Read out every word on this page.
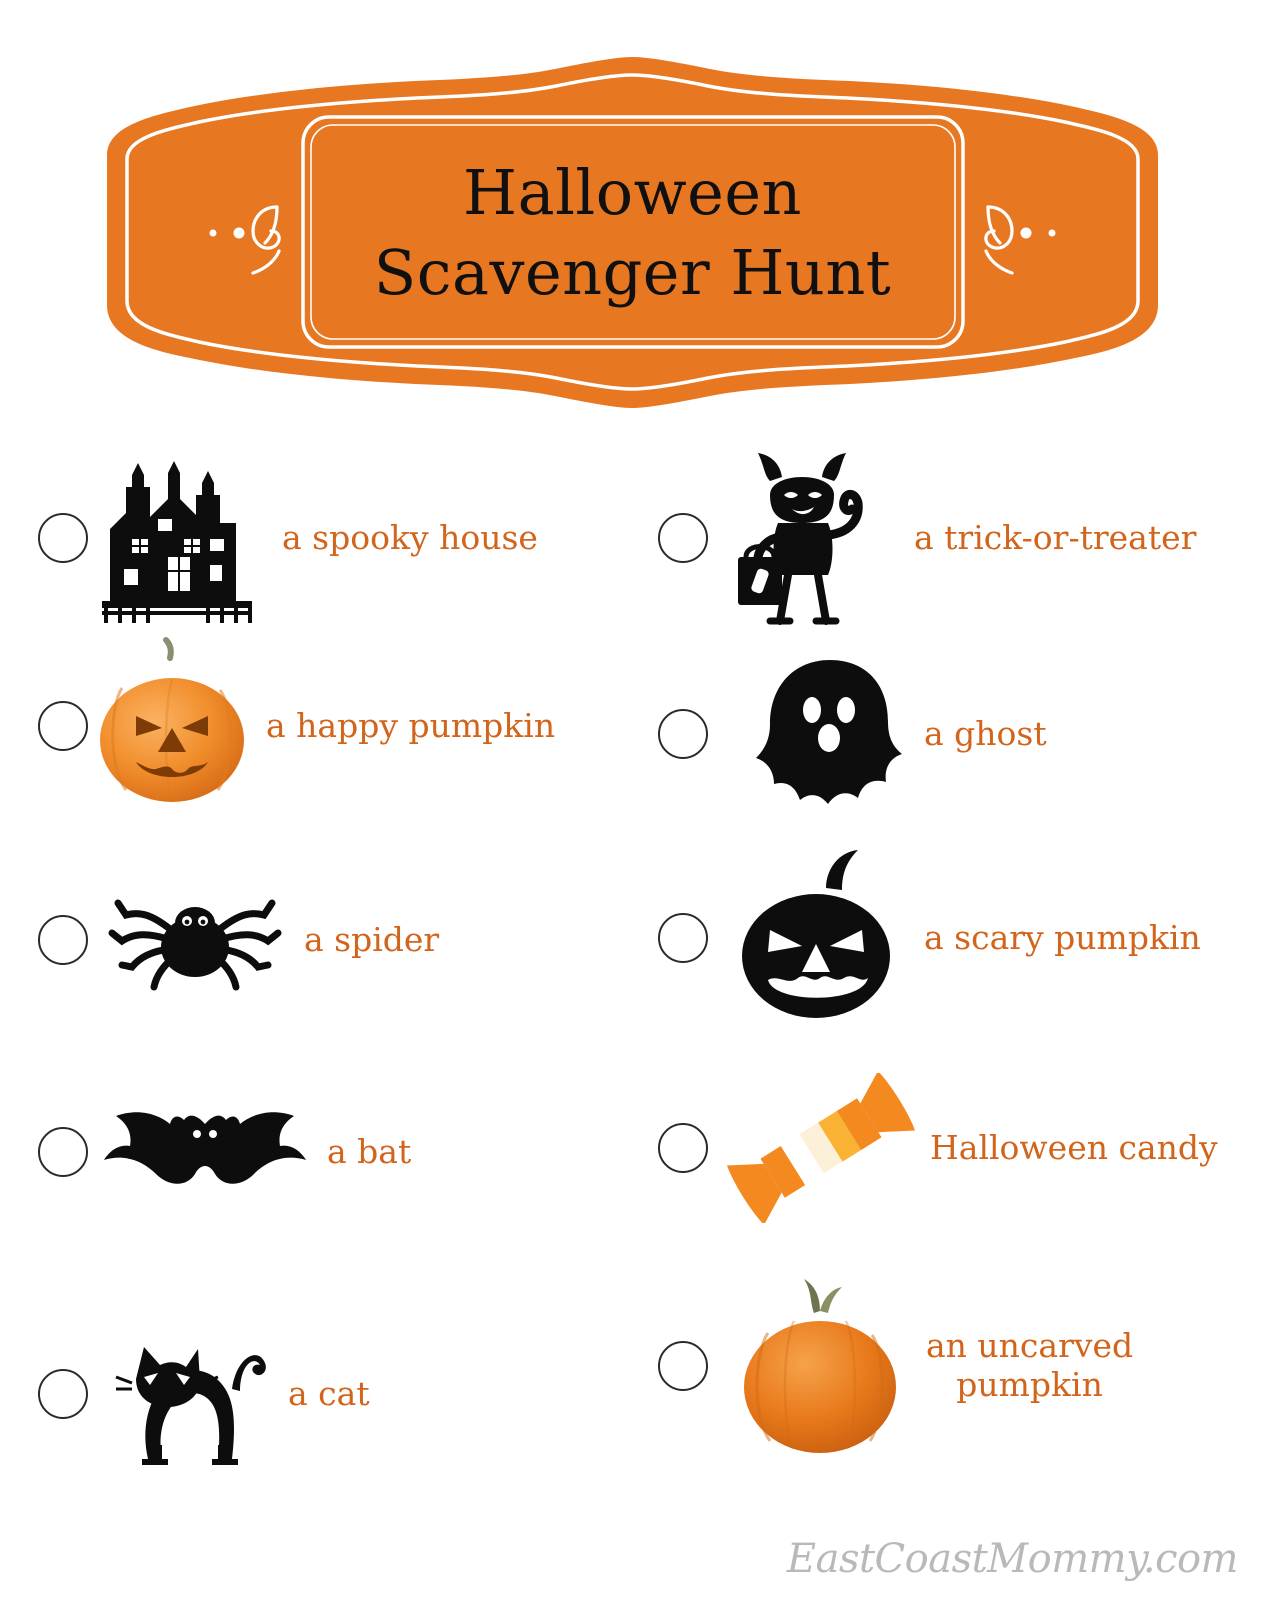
Halloween
Scavenger Hunt
a spooky house
a happy pumpkin
a spider
a bat
a cat
a trick-or-treater
a ghost
a scary pumpkin
Halloween candy
an uncarved
pumpkin
EastCoastMommy.com
